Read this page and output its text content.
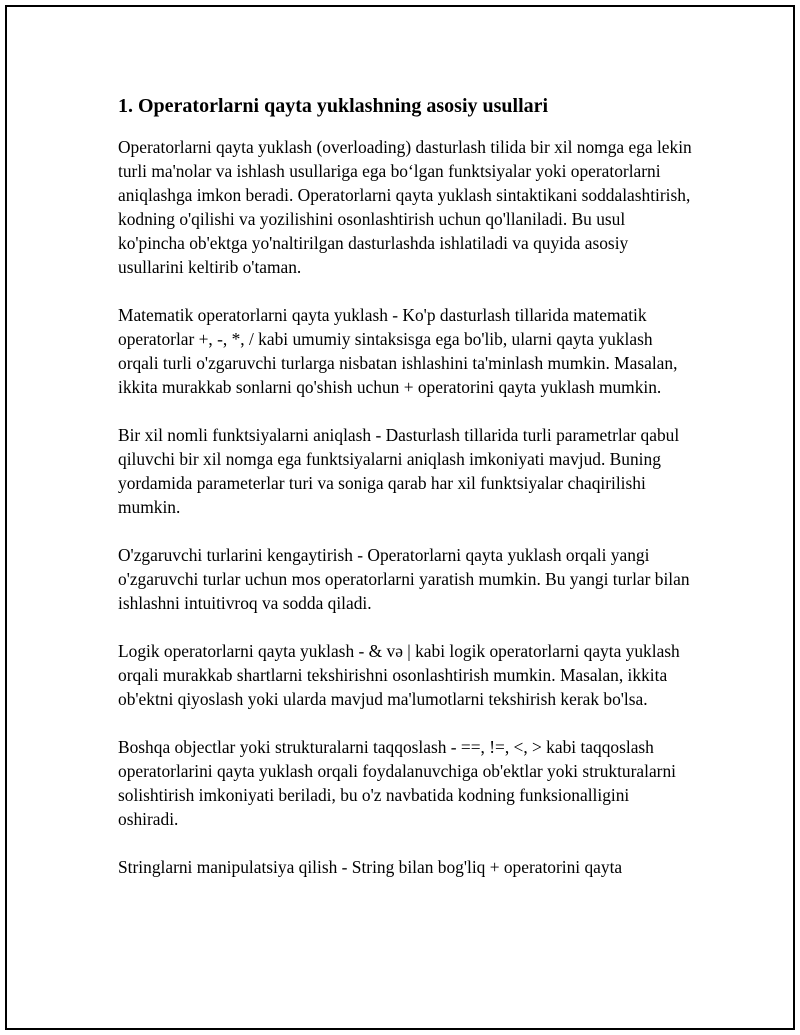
1. Operatorlarni qayta yuklashning asosiy usullari

Operatorlarni qayta yuklash (overloading) dasturlash tilida bir xil nomga ega lekin turli ma'nolar va ishlash usullariga ega boʻlgan funktsiyalar yoki operatorlarni aniqlashga imkon beradi. Operatorlarni qayta yuklash sintaktikani soddalashtirish, kodning o'qilishi va yozilishini osonlashtirish uchun qo'llaniladi. Bu usul ko'pincha ob'ektga yo'naltirilgan dasturlashda ishlatiladi va quyida asosiy usullarini keltirib o'taman.

Matematik operatorlarni qayta yuklash - Ko'p dasturlash tillarida matematik operatorlar +, -, *, / kabi umumiy sintaksisga ega bo'lib, ularni qayta yuklash orqali turli o'zgaruvchi turlarga nisbatan ishlashini ta'minlash mumkin. Masalan, ikkita murakkab sonlarni qo'shish uchun + operatorini qayta yuklash mumkin.

Bir xil nomli funktsiyalarni aniqlash - Dasturlash tillarida turli parametrlar qabul qiluvchi bir xil nomga ega funktsiyalarni aniqlash imkoniyati mavjud. Buning yordamida parameterlar turi va soniga qarab har xil funktsiyalar chaqirilishi mumkin.

O'zgaruvchi turlarini kengaytirish - Operatorlarni qayta yuklash orqali yangi o'zgaruvchi turlar uchun mos operatorlarni yaratish mumkin. Bu yangi turlar bilan ishlashni intuitivroq va sodda qiladi.

Logik operatorlarni qayta yuklash - & və | kabi logik operatorlarni qayta yuklash orqali murakkab shartlarni tekshirishni osonlashtirish mumkin. Masalan, ikkita ob'ektni qiyoslash yoki ularda mavjud ma'lumotlarni tekshirish kerak bo'lsa.

Boshqa objectlar yoki strukturalarni taqqoslash - ==, !=, <, > kabi taqqoslash operatorlarini qayta yuklash orqali foydalanuvchiga ob'ektlar yoki strukturalarni solishtirish imkoniyati beriladi, bu o'z navbatida kodning funksionalligini oshiradi.

Stringlarni manipulatsiya qilish - String bilan bog'liq + operatorini qayta
